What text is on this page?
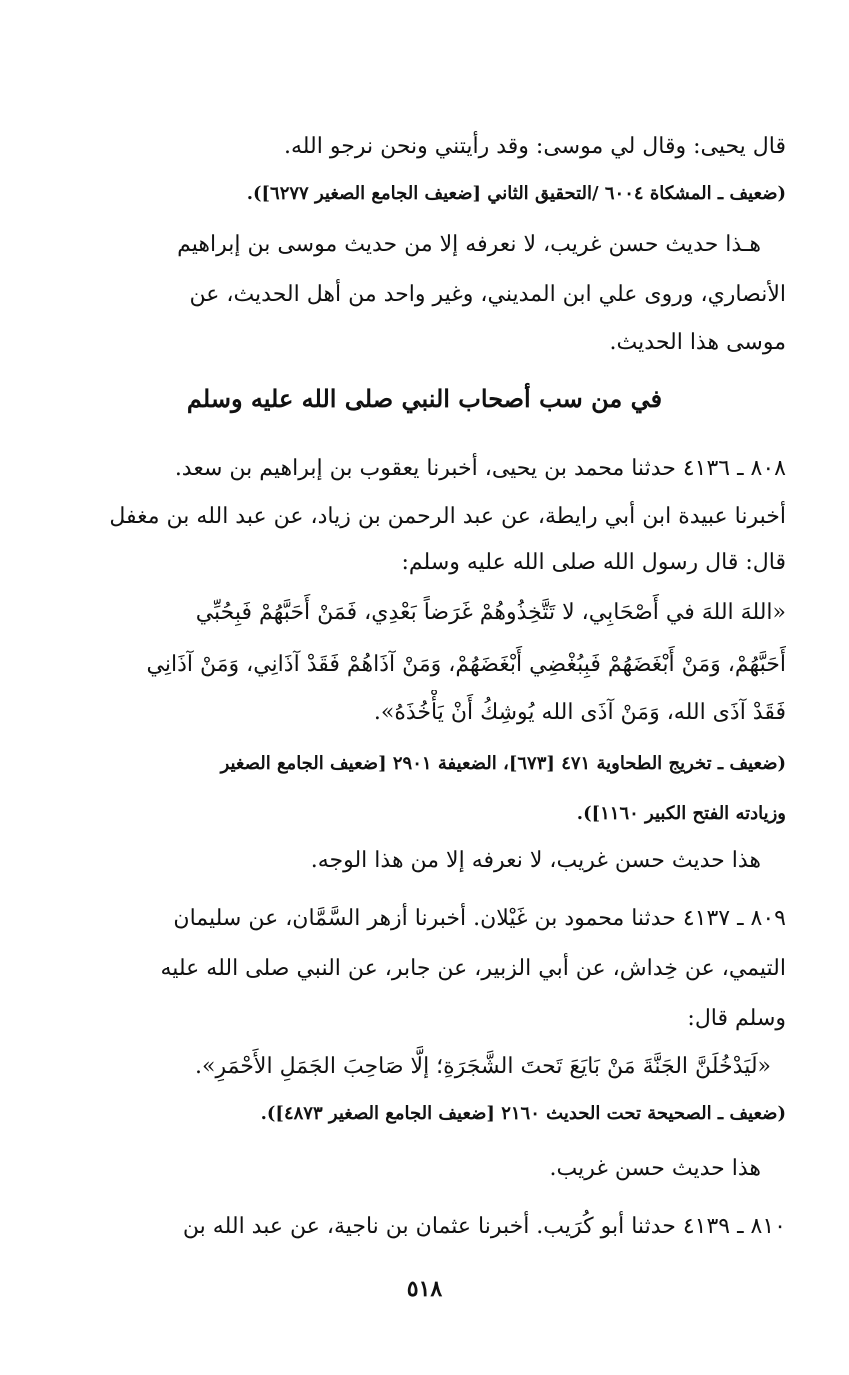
قال يحيى: وقال لي موسى: وقد رأيتني ونحن نرجو الله.
(ضعيف ـ المشكاة ٦٠٠٤ /التحقيق الثاني [ضعيف الجامع الصغير ٦٢٧٧]).
هـذا حديث حسن غريب، لا نعرفه إلا من حديث موسى بن إبراهيم
الأنصاري، وروى علي ابن المديني، وغير واحد من أهل الحديث، عن
موسى هذا الحديث.
في من سب أصحاب النبي صلى الله عليه وسلم
٨٠٨ ـ ٤١٣٦ حدثنا محمد بن يحيى، أخبرنا يعقوب بن إبراهيم بن سعد.
أخبرنا عبيدة ابن أبي رايطة، عن عبد الرحمن بن زياد، عن عبد الله بن مغفل
قال: قال رسول الله صلى الله عليه وسلم:
«اللهَ اللهَ في أَصْحَابِي، لا تَتَّخِذُوهُمْ غَرَضاً بَعْدِي، فَمَنْ أَحَبَّهُمْ فَبِحُبِّي
أَحَبَّهُمْ، وَمَنْ أَبْغَضَهُمْ فَبِبُغْضِي أَبْغَضَهُمْ، وَمَنْ آذَاهُمْ فَقَدْ آذَانِي، وَمَنْ آذَانِي
فَقَدْ آذَى الله، وَمَنْ آذَى الله يُوشِكُ أَنْ يَأْخُذَهُ».
(ضعيف ـ تخريج الطحاوية ٤٧١ [٦٧٣]، الضعيفة ٢٩٠١ [ضعيف الجامع الصغير
وزيادته الفتح الكبير ١١٦٠]).
هذا حديث حسن غريب، لا نعرفه إلا من هذا الوجه.
٨٠٩ ـ ٤١٣٧ حدثنا محمود بن غَيْلان. أخبرنا أزهر السَّمَّان، عن سليمان
التيمي، عن خِداش، عن أبي الزبير، عن جابر، عن النبي صلى الله عليه
وسلم قال:
«لَيَدْخُلَنَّ الجَنَّةَ مَنْ بَايَعَ تَحتَ الشَّجَرَةِ؛ إلَّا صَاحِبَ الجَمَلِ الأَحْمَرِ».
(ضعيف ـ الصحيحة تحت الحديث ٢١٦٠ [ضعيف الجامع الصغير ٤٨٧٣]).
هذا حديث حسن غريب.
٨١٠ ـ ٤١٣٩ حدثنا أبو كُرَيب. أخبرنا عثمان بن ناجية، عن عبد الله بن
٥١٨
